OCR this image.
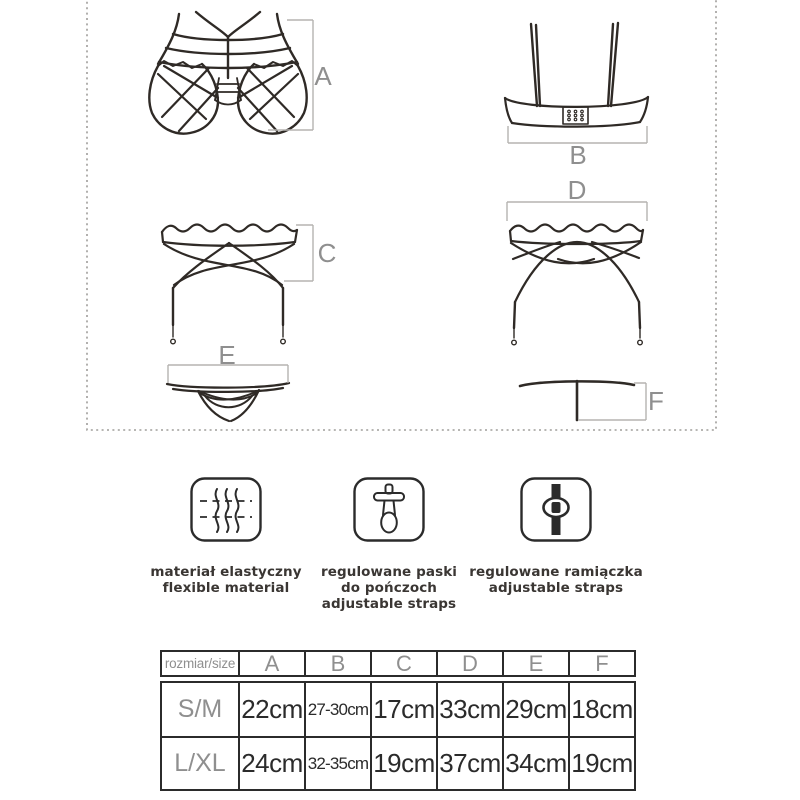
A
B
C
D
E
F
materiał elastyczny
flexible material
regulowane paski
do pończoch
adjustable straps
regulowane ramiączka
adjustable straps
rozmiar/size	A	B	C	D	E	F
S/M 22cm 27-30cm 17cm 33cm 29cm 18cm
L/XL 24cm 32-35cm 19cm 37cm 34cm 19cm
